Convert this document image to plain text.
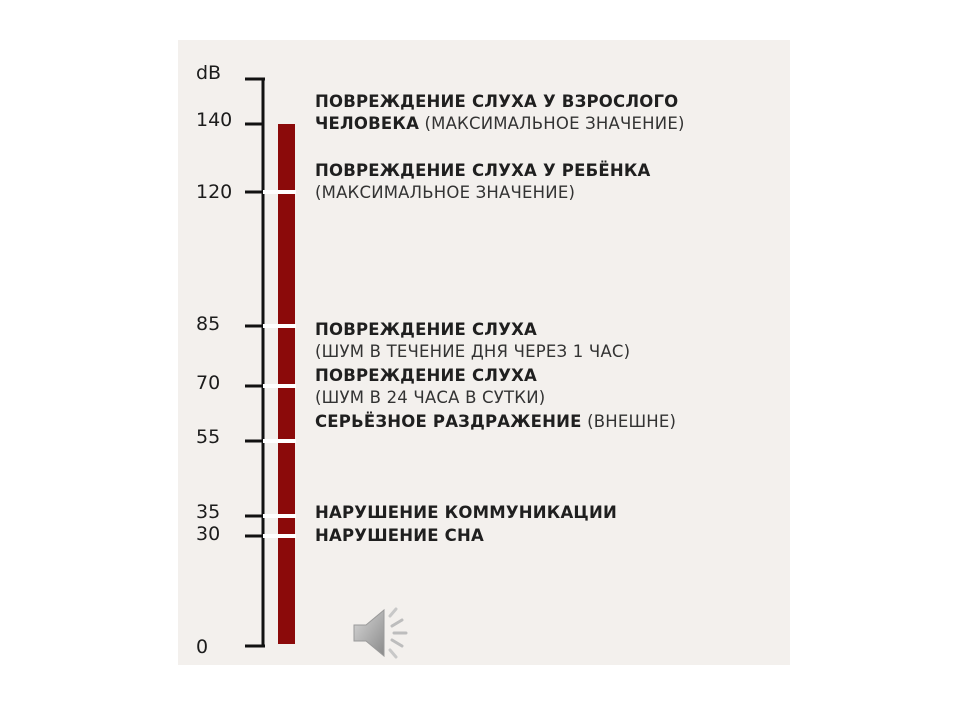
dB
140
120
85
70
55
35
30
0
ПОВРЕЖДЕНИЕ СЛУХА У ВЗРОСЛОГО
ЧЕЛОВЕКА (МАКСИМАЛЬНОЕ ЗНАЧЕНИЕ)
ПОВРЕЖДЕНИЕ СЛУХА У РЕБЁНКА
(МАКСИМАЛЬНОЕ ЗНАЧЕНИЕ)
ПОВРЕЖДЕНИЕ СЛУХА
(ШУМ В ТЕЧЕНИЕ ДНЯ ЧЕРЕЗ 1 ЧАС)
ПОВРЕЖДЕНИЕ СЛУХА
(ШУМ В 24 ЧАСА В СУТКИ)
СЕРЬЁЗНОЕ РАЗДРАЖЕНИЕ (ВНЕШНЕ)
НАРУШЕНИЕ КОММУНИКАЦИИ
НАРУШЕНИЕ СНА
